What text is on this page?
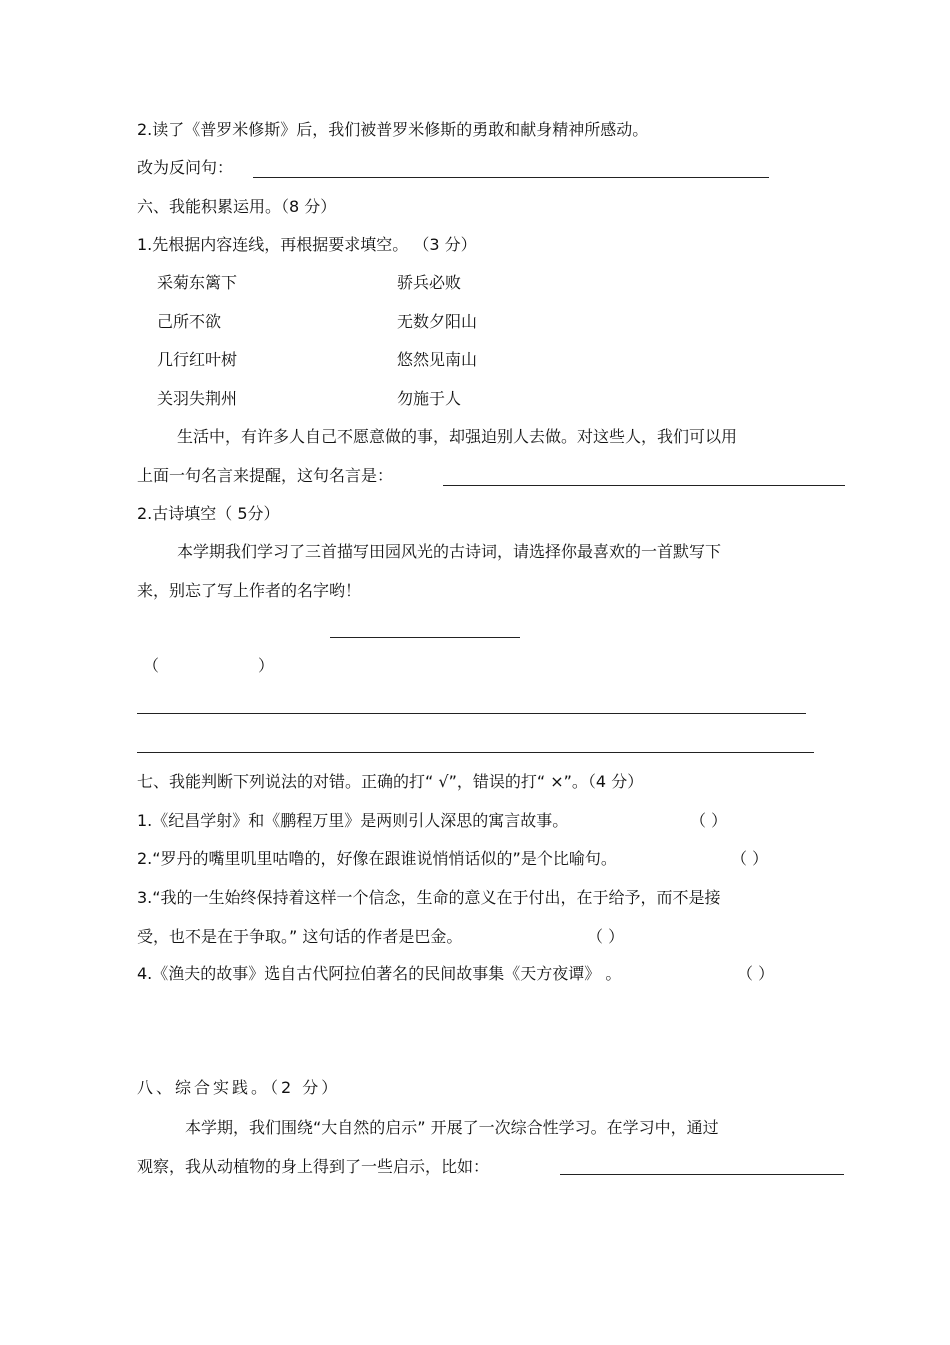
2.读了《普罗米修斯》后，我们被普罗米修斯的勇敢和献身精神所感动。
改为反问句：
六、我能积累运用。（8 分）
1.先根据内容连线，再根据要求填空。 （3 分）
采菊东篱下	骄兵必败
己所不欲	无数夕阳山
几行红叶树	悠然见南山
关羽失荆州	勿施于人
生活中，有许多人自己不愿意做的事，却强迫别人去做。对这些人，我们可以用
上面一句名言来提醒，这句名言是：
2.古诗填空（ 5分）
本学期我们学习了三首描写田园风光的古诗词，请选择你最喜欢的一首默写下
来，别忘了写上作者的名字哟！
（	）
七、我能判断下列说法的对错。正确的打“ √”，错误的打“ ×”。（4 分）
1.《纪昌学射》和《鹏程万里》是两则引人深思的寓言故事。	（ ）
2.“罗丹的嘴里叽里咕噜的，好像在跟谁说悄悄话似的”是个比喻句。	（ ）
3.“我的一生始终保持着这样一个信念，生命的意义在于付出，在于给予，而不是接
受，也不是在于争取。” 这句话的作者是巴金。	（ ）
4.《渔夫的故事》选自古代阿拉伯著名的民间故事集《天方夜谭》 。	（ ）
八、综合实践。（2 分）
本学期，我们围绕“大自然的启示” 开展了一次综合性学习。在学习中，通过
观察，我从动植物的身上得到了一些启示，比如：
